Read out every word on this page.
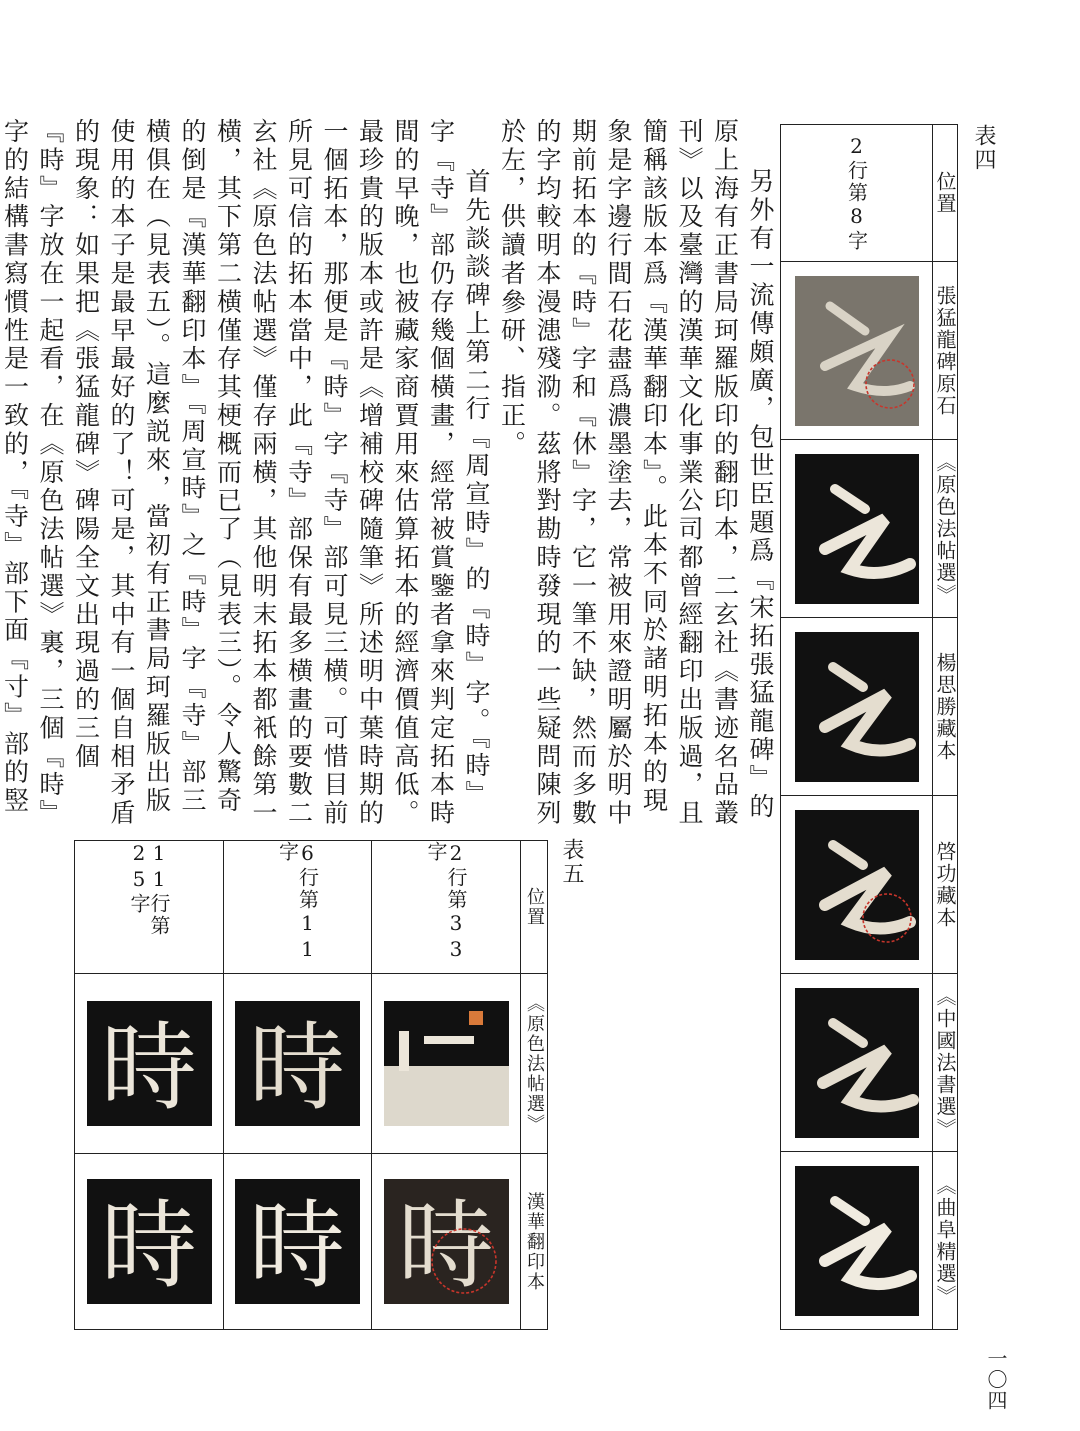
另外有一流傳頗廣，包世臣題爲『宋拓張猛龍碑』的原上海有正書局珂羅版印的翻印本，二玄社《書迹名品叢刊》以及臺灣的漢華文化事業公司都曾經翻印出版過，且簡稱該版本爲『漢華翻印本』。此本不同於諸明拓本的現象是字邊行間石花盡爲濃墨塗去，常被用來證明屬於明中期前拓本的『時』字和『休』字，它一筆不缺，然而多數的字均較明本漫漶殘泐。茲將對勘時發現的一些疑問陳列於左，供讀者參研、指正。

首先談談碑上第二行『周宣時』的『時』字。『時』字『寺』部仍存幾個橫畫，經常被賞鑒者拿來判定拓本時間的早晚，也被藏家商賈用來估算拓本的經濟價值高低。最珍貴的版本或許是《增補校碑隨筆》所述明中葉時期的一個拓本，那便是『時』字『寺』部可見三横。可惜目前所見可信的拓本當中，此『寺』部保有最多横畫的要數二玄社《原色法帖選》僅存兩横，其他明末拓本都衹餘第一横，其下第二横僅存其梗概而已了（見表三）。令人驚奇的倒是『漢華翻印本』『周宣時』之『時』字『寺』部三横俱在（見表五）。這麼説來，當初有正書局珂羅版出版使用的本子是最早最好的了！可是，其中有一個自相矛盾的現象：如果把《張猛龍碑》碑陽全文出現過的三個『時』字放在一起看，在《原色法帖選》裏，三個『時』字的結構書寫慣性是一致的，『寺』部下面『寸』部的竪

表四
位置
張猛龍碑原石
《原色法帖選》
楊思勝藏本
啓功藏本
《中國法書選》
《曲阜精選》
2行第8字
表五
位置
《原色法帖選》
漢華翻印本
2行第33字
時
6行第11字
時
時
11行第25字
時
時
一〇四
